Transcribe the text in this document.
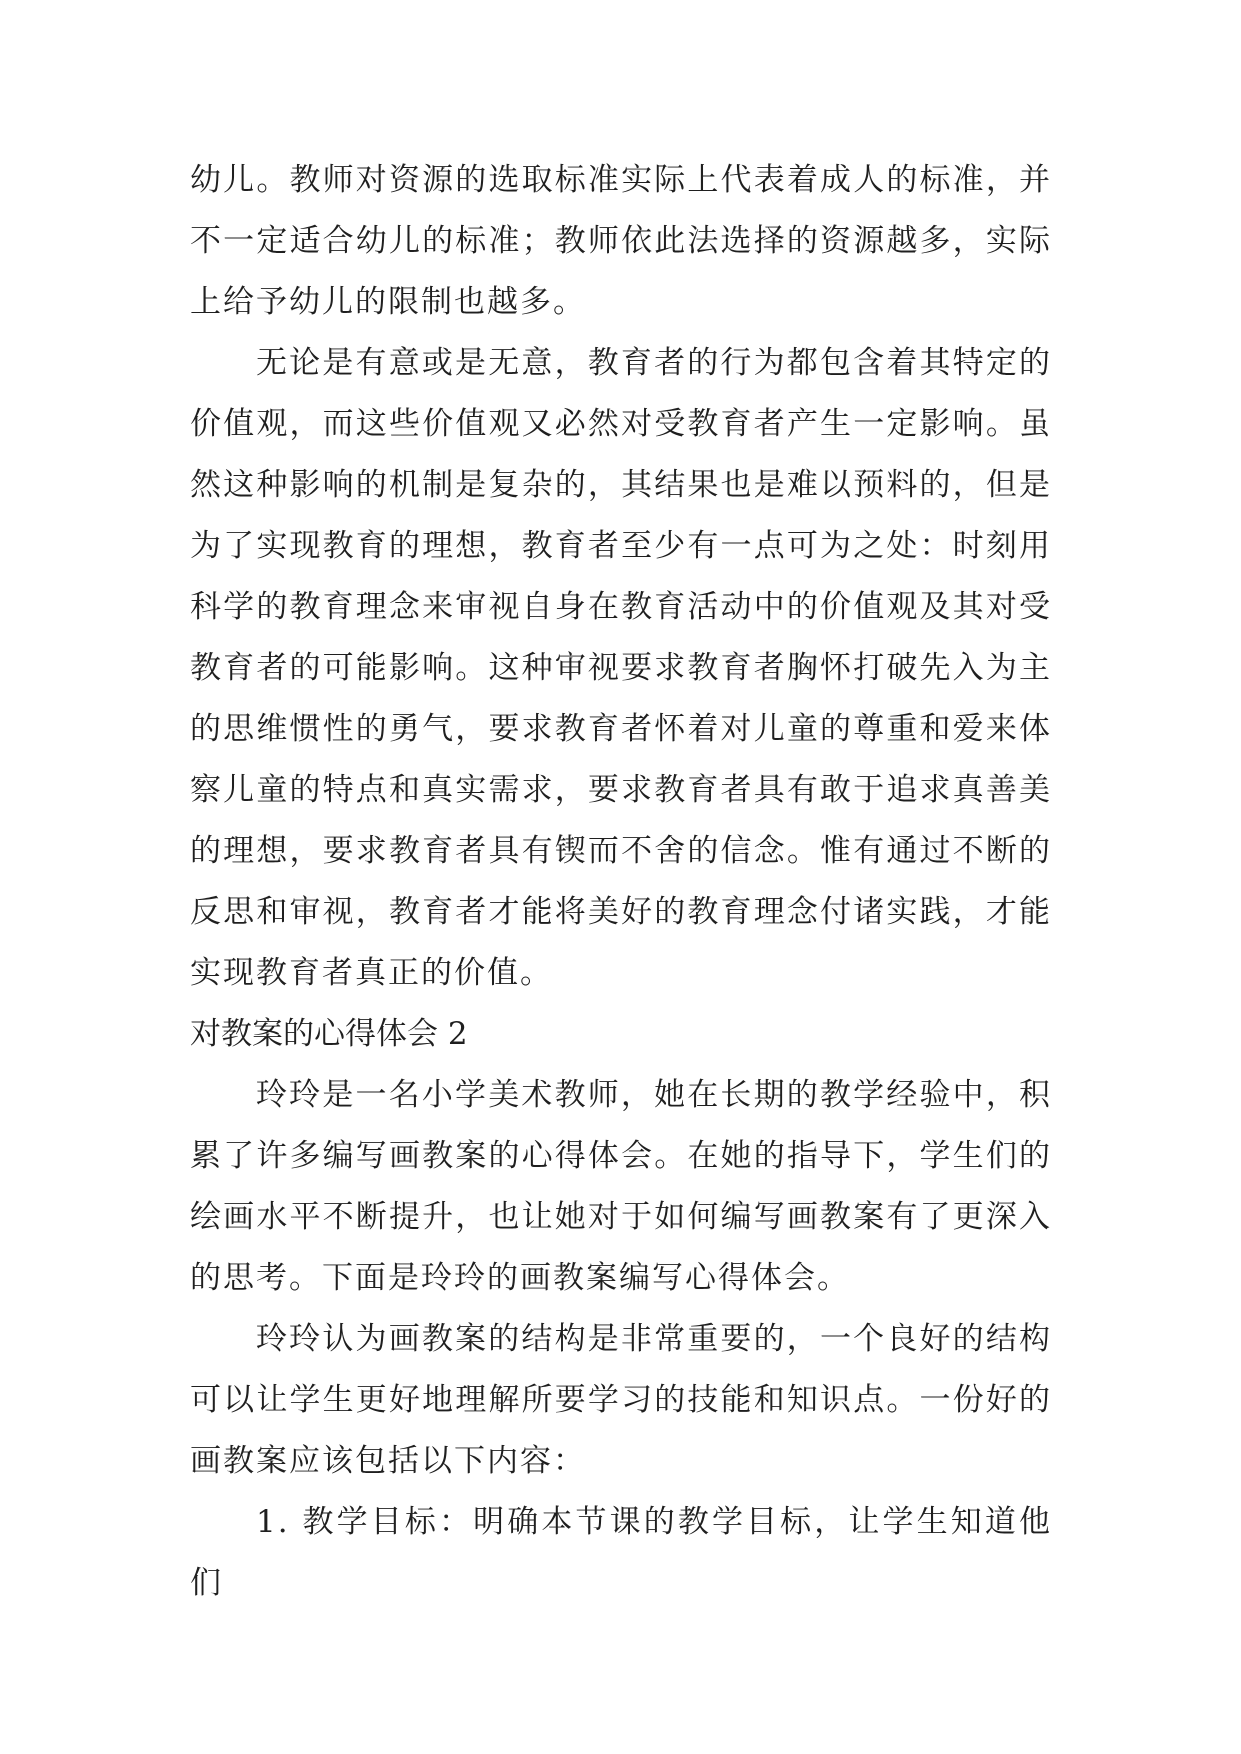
幼儿。教师对资源的选取标准实际上代表着成人的标准，并不一定适合幼儿的标准；教师依此法选择的资源越多，实际上给予幼儿的限制也越多。

无论是有意或是无意，教育者的行为都包含着其特定的价值观，而这些价值观又必然对受教育者产生一定影响。虽然这种影响的机制是复杂的，其结果也是难以预料的，但是为了实现教育的理想，教育者至少有一点可为之处：时刻用科学的教育理念来审视自身在教育活动中的价值观及其对受教育者的可能影响。这种审视要求教育者胸怀打破先入为主的思维惯性的勇气，要求教育者怀着对儿童的尊重和爱来体察儿童的特点和真实需求，要求教育者具有敢于追求真善美的理想，要求教育者具有锲而不舍的信念。惟有通过不断的反思和审视，教育者才能将美好的教育理念付诸实践，才能实现教育者真正的价值。

对教案的心得体会 2

玲玲是一名小学美术教师，她在长期的教学经验中，积累了许多编写画教案的心得体会。在她的指导下，学生们的绘画水平不断提升，也让她对于如何编写画教案有了更深入的思考。下面是玲玲的画教案编写心得体会。

玲玲认为画教案的结构是非常重要的，一个良好的结构可以让学生更好地理解所要学习的技能和知识点。一份好的画教案应该包括以下内容：

1. 教学目标：明确本节课的教学目标，让学生知道他们
